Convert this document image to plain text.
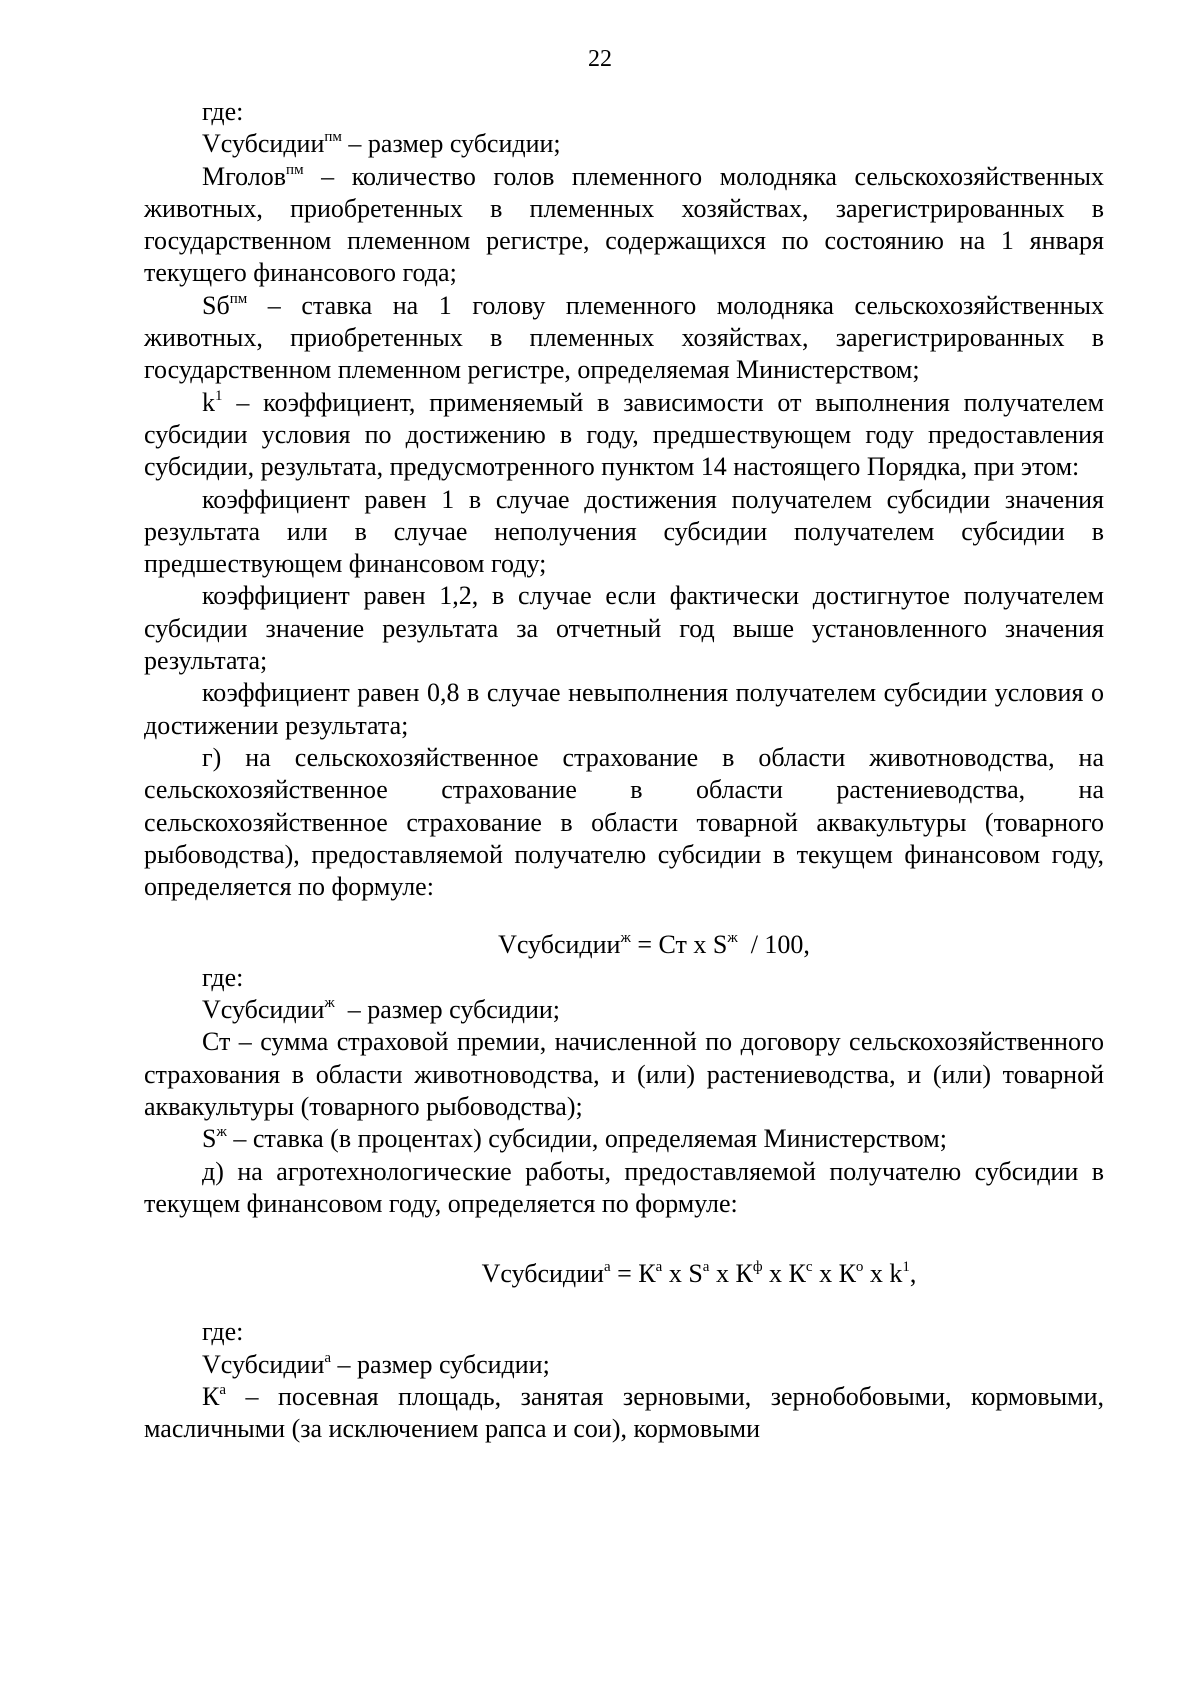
22
где:
Vсубсидии$^{пм}$ – размер субсидии;
Мголов$^{пм}$ – количество голов племенного молодняка сельскохозяйственных животных, приобретенных в племенных хозяйствах, зарегистрированных в государственном племенном регистре, содержащихся по состоянию на 1 января текущего финансового года;
$Sб^{пм}$ – ставка на 1 голову племенного молодняка сельскохозяйственных животных, приобретенных в племенных хозяйствах, зарегистрированных в государственном племенном регистре, определяемая Министерством;
$k^1$ – коэффициент, применяемый в зависимости от выполнения получателем субсидии условия по достижению в году, предшествующем году предоставления субсидии, результата, предусмотренного пунктом 14 настоящего Порядка, при этом:
коэффициент равен 1 в случае достижения получателем субсидии значения результата или в случае неполучения субсидии получателем субсидии в предшествующем финансовом году;
коэффициент равен 1,2, в случае если фактически достигнутое получателем субсидии значение результата за отчетный год выше установленного значения результата;
коэффициент равен 0,8 в случае невыполнения получателем субсидии условия о достижении результата;
г) на сельскохозяйственное страхование в области животноводства, на сельскохозяйственное страхование в области растениеводства, на сельскохозяйственное страхование в области товарной аквакультуры (товарного рыбоводства), предоставляемой получателю субсидии в текущем финансовом году, определяется по формуле:
Vсубсидии$^ж$ = Ст х $S^ж / 100$,
где:
Vсубсидии$^ж$  – размер субсидии;
Ст – сумма страховой премии, начисленной по договору сельскохозяйственного страхования в области животноводства, и (или) растениеводства, и (или) товарной аквакультуры (товарного рыбоводства);
$S^ж$ – ставка (в процентах) субсидии, определяемая Министерством;
д) на агротехнологические работы, предоставляемой получателю субсидии в текущем финансовом году, определяется по формуле:
Vсубсидии$^а$ = $К^а$ х $S^а$ х $К^ф$ х $К^с$ х $К^о$ х $k^1$,
где:
Vсубсидии$^а$ – размер субсидии;
$К^а$ – посевная площадь, занятая зерновыми, зернобобовыми, кормовыми, масличными (за исключением рапса и сои), кормовыми
